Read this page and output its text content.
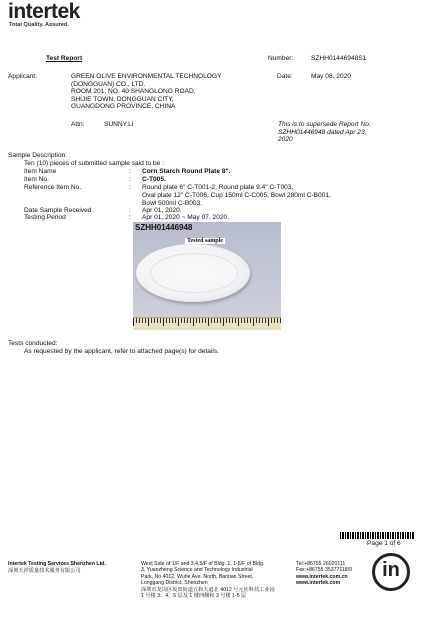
intertek
Total Quality. Assured.
Test Report	Number:	SZHH01446948S1
Applicant:	GREEN OLIVE ENVIRONMENTAL TECHNOLOGY
(DONGGUAN) CO., LTD.
ROOM 201, NO. 40 SHANGLONG ROAD,
SHIJIE TOWN, DONGGUAN CITY,
GUANGDONG PROVINCE, CHINA
Date:	May 08, 2020
Attn:	SUNNY.LI	This is to supersede Report No.
SZHH01446948 dated Apr 23,
2020
Sample Description:
Ten (10) pieces of submitted sample said to be :
Item Name	: Corn Starch Round Plate 8".
Item No.	: C-T005.
Reference Item No.	: Round plate 6" C-T001-2, Round plate 9.4" C-T003,
Oval plate 12" C-T006, Cup 150ml C-C005, Bowl 280ml C-B001,
Bowl 500ml C-B003.
Date Sample Received	: Apr 01, 2020.
Testing Period	: Apr 01, 2020 ~ May 07, 2020.
SZHH01446948
Tested sample
Tests conducted:
As requested by the applicant, refer to attached page(s) for details.
Page 1 of 6
Intertek Testing Services Shenzhen Ltd.
深圳天祥质量技术服务有限公司
West Side of 1/F and 3,4,5/F of Bldg. 1, 1-5/F of Bldg.
3, Yuanzheng Science and Technology Industrial
Park, No.4012, Wuhe Ave. North, Bantian Street,
Longgang District, Shenzhen
深圳市龙岗区坂田街道五和大道北 4012 号元征科技工业园
1 号楼 3、4、5 层及 1 楼西侧和 3 号楼 1-5 层
Tel:+86755 26020111
Fax:+86755 35377118/9
www.intertek.com.cn
www.intertek.com
in
